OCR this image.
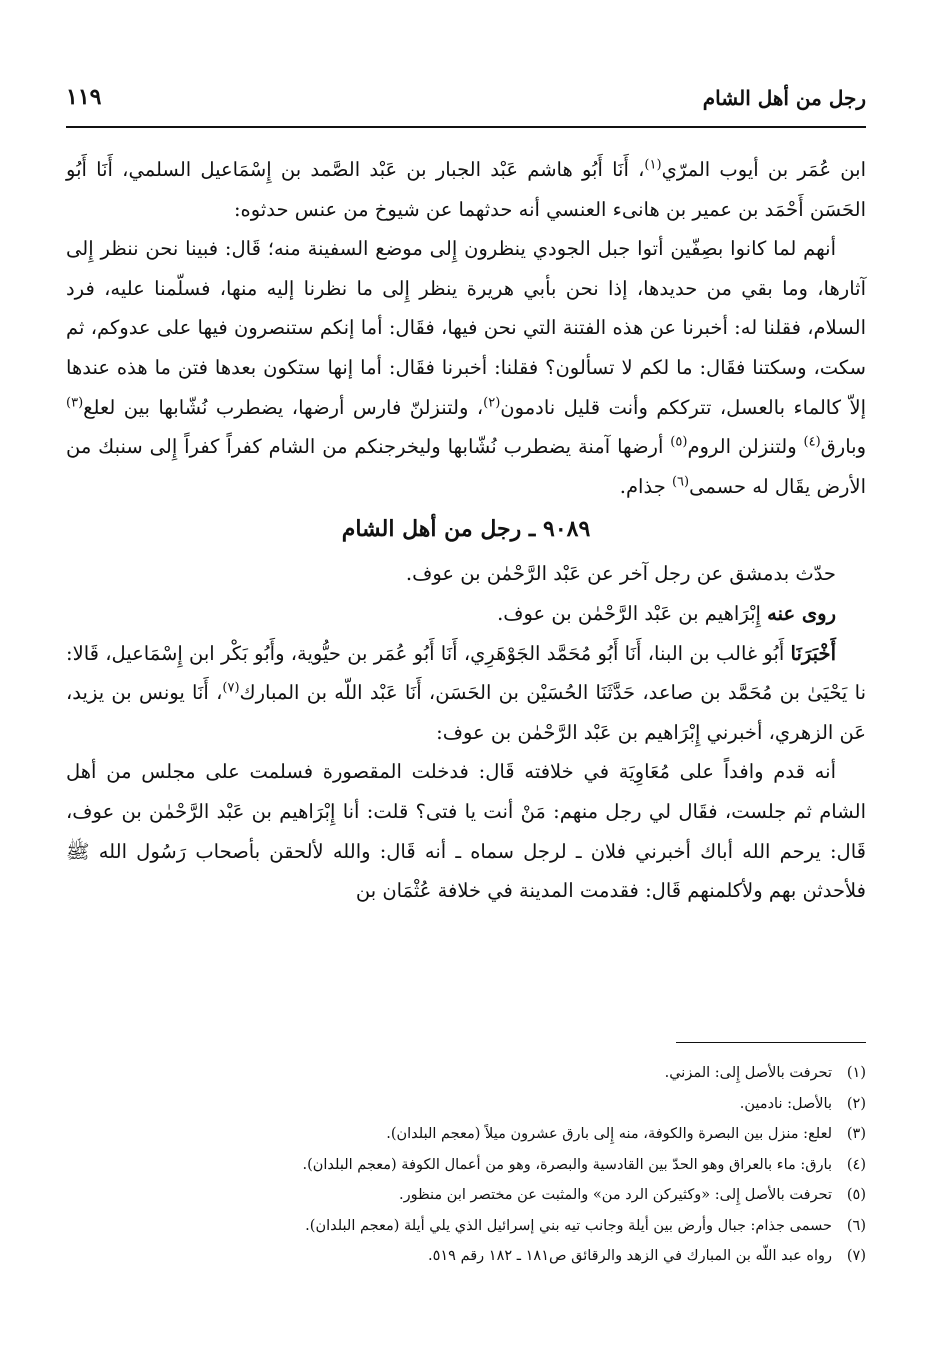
رجل من أهل الشام
١١٩

ابن عُمَر بن أيوب المرّي$^{(١)}$، أَنَا أَبُو هاشم عَبْد الجبار بن عَبْد الصَّمد بن إِسْمَاعيل السلمي، أَنَا أَبُو الحَسَن أَحْمَد بن عمير بن هانىء العنسي أنه حدثهما عن شيوخ من عنس حدثوه:

أنهم لما كانوا بصِفّين أتوا جبل الجودي ينظرون إِلى موضع السفينة منه؛ قَال: فبينا نحن ننظر إِلى آثارها، وما بقي من حديدها، إذا نحن بأبي هريرة ينظر إِلى ما نظرنا إليه منها، فسلّمنا عليه، فرد السلام، فقلنا له: أخبرنا عن هذه الفتنة التي نحن فيها، فقَال: أما إنكم ستنصرون فيها على عدوكم، ثم سكت، وسكتنا فقَال: ما لكم لا تسألون؟ فقلنا: أخبرنا فقَال: أما إنها ستكون بعدها فتن ما هذه عندها إلاّ كالماء بالعسل، تترككم وأنت قليل نادمون$^{(٢)}$، ولتنزلنّ فارس أرضها، يضطرب نُشّابها بين لعلع$^{(٣)}$ وبارق$^{(٤)}$ ولتنزلن الروم$^{(٥)}$ أرضها آمنة يضطرب نُشّابها وليخرجنكم من الشام كفراً كفراً إِلى سنبك من الأرض يقَال له حسمى$^{(٦)}$ جذام.

٩٠٨٩ ـ رجل من أهل الشام

حدّث بدمشق عن رجل آخر عن عَبْد الرَّحْمٰن بن عوف.

روى عنه إِبْرَاهيم بن عَبْد الرَّحْمٰن بن عوف.

أَخْبَرَنَا أَبُو غالب بن البنا، أَنَا أَبُو مُحَمَّد الجَوْهَرِي، أَنَا أَبُو عُمَر بن حيُّوية، وأَبُو بَكْر ابن إِسْمَاعيل، قَالا: نا يَحْيَىٰ بن مُحَمَّد بن صاعد، حَدَّثَنَا الحُسَيْن بن الحَسَن، أَنَا عَبْد اللّه بن المبارك$^{(٧)}$، أَنَا يونس بن يزيد، عَن الزهري، أخبرني إِبْرَاهيم بن عَبْد الرَّحْمٰن بن عوف:

أنه قدم وافداً على مُعَاوِيَة في خلافته قَال: فدخلت المقصورة فسلمت على مجلس من أهل الشام ثم جلست، فقَال لي رجل منهم: مَنْ أنت يا فتى؟ قلت: أنا إِبْرَاهيم بن عَبْد الرَّحْمٰن بن عوف، قَال: يرحم الله أباك أخبرني فلان ـ لرجل سماه ـ أنه قَال: والله لألحقن بأصحاب رَسُول الله ﷺ فلأحدثن بهم ولأكلمنهم قَال: فقدمت المدينة في خلافة عُثْمَان بن

(١)تحرفت بالأصل إِلى: المزني.

(٢)بالأصل: نادمين.

(٣)لعلع: منزل بين البصرة والكوفة، منه إِلى بارق عشرون ميلاً (معجم البلدان).

(٤)بارق: ماء بالعراق وهو الحدّ بين القادسية والبصرة، وهو من أعمال الكوفة (معجم البلدان).

(٥)تحرفت بالأصل إِلى: «وكثيركن الرد من» والمثبت عن مختصر ابن منظور.

(٦)حسمى جذام: جبال وأرض بين أيلة وجانب تيه بني إسرائيل الذي يلي أيلة (معجم البلدان).

(٧)رواه عبد اللّه بن المبارك في الزهد والرقائق ص١٨١ ـ ١٨٢ رقم ٥١٩.
